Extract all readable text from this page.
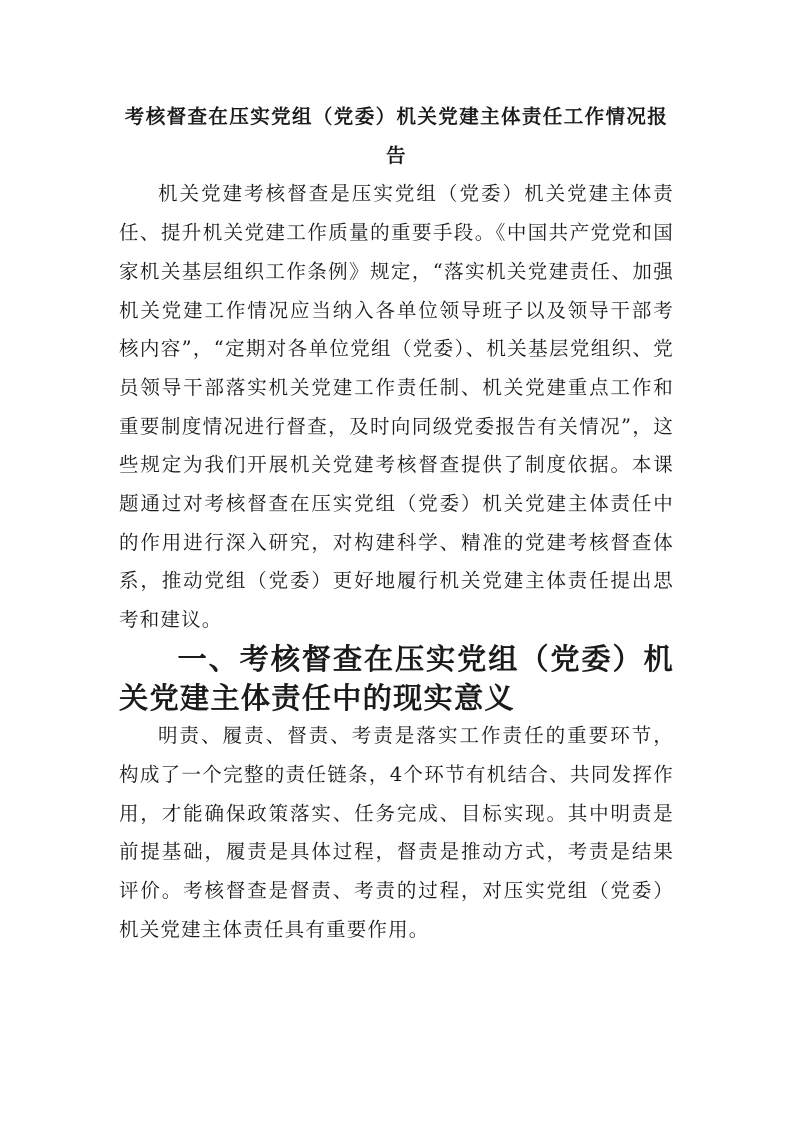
考核督查在压实党组（党委）机关党建主体责任工作情况报告

机关党建考核督查是压实党组（党委）机关党建主体责任、提升机关党建工作质量的重要手段。《中国共产党党和国家机关基层组织工作条例》规定，“落实机关党建责任、加强机关党建工作情况应当纳入各单位领导班子以及领导干部考核内容”，“定期对各单位党组（党委）、机关基层党组织、党员领导干部落实机关党建工作责任制、机关党建重点工作和重要制度情况进行督查，及时向同级党委报告有关情况”，这些规定为我们开展机关党建考核督查提供了制度依据。本课题通过对考核督查在压实党组（党委）机关党建主体责任中的作用进行深入研究，对构建科学、精准的党建考核督查体系，推动党组（党委）更好地履行机关党建主体责任提出思考和建议。

一、考核督查在压实党组（党委）机关党建主体责任中的现实意义

明责、履责、督责、考责是落实工作责任的重要环节，构成了一个完整的责任链条，4个环节有机结合、共同发挥作用，才能确保政策落实、任务完成、目标实现。其中明责是前提基础，履责是具体过程，督责是推动方式，考责是结果评价。考核督查是督责、考责的过程，对压实党组（党委）机关党建主体责任具有重要作用。
